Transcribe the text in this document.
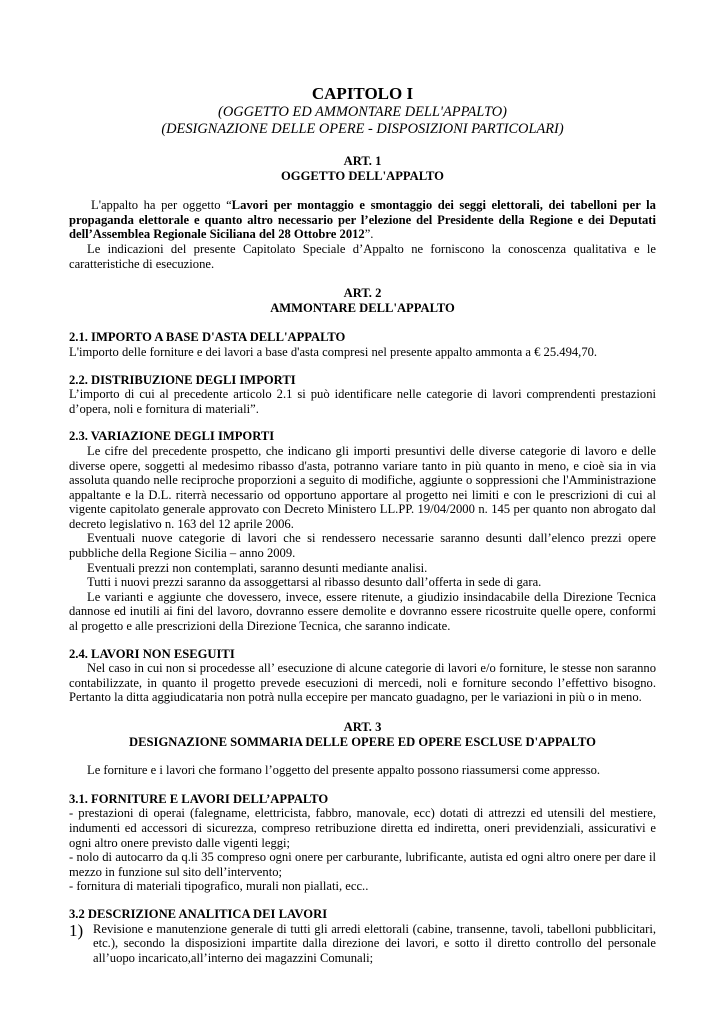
CAPITOLO I

(OGGETTO ED AMMONTARE DELL'APPALTO)

(DESIGNAZIONE DELLE OPERE - DISPOSIZIONI PARTICOLARI)

ART. 1

OGGETTO DELL'APPALTO

L'appalto ha per oggetto “Lavori per montaggio e smontaggio dei seggi elettorali, dei tabelloni per la propaganda elettorale e quanto altro necessario per l’elezione del Presidente della Regione e dei Deputati dell’Assemblea Regionale Siciliana del 28 Ottobre 2012”.

Le indicazioni del presente Capitolato Speciale d’Appalto ne forniscono la conoscenza qualitativa e le caratteristiche di esecuzione.

ART. 2

AMMONTARE DELL'APPALTO

2.1. IMPORTO A BASE D'ASTA DELL'APPALTO

L'importo delle forniture e dei lavori a base d'asta compresi nel presente appalto ammonta a € 25.494,70.

2.2. DISTRIBUZIONE DEGLI IMPORTI

L’importo di cui al precedente articolo 2.1 si può identificare nelle categorie di lavori comprendenti prestazioni d’opera, noli e fornitura di materiali”.

2.3. VARIAZIONE DEGLI IMPORTI

Le cifre del precedente prospetto, che indicano gli importi presuntivi delle diverse categorie di lavoro e delle diverse opere, soggetti al medesimo ribasso d'asta, potranno variare tanto in più quanto in meno, e cioè sia in via assoluta quando nelle reciproche proporzioni a seguito di modifiche, aggiunte o soppressioni che l'Amministrazione appaltante e la D.L. riterrà necessario od opportuno apportare al progetto nei limiti e con le prescrizioni di cui al vigente capitolato generale approvato con Decreto Ministero LL.PP. 19/04/2000 n. 145 per quanto non abrogato dal decreto legislativo n. 163 del 12 aprile 2006.

Eventuali nuove categorie di lavori che si rendessero necessarie saranno desunti dall’elenco prezzi opere pubbliche della Regione Sicilia – anno 2009.

Eventuali prezzi non contemplati, saranno desunti mediante analisi.

Tutti i nuovi prezzi saranno da assoggettarsi al ribasso desunto dall’offerta in sede di gara.

Le varianti e aggiunte che dovessero, invece, essere ritenute, a giudizio insindacabile della Direzione Tecnica dannose ed inutili ai fini del lavoro, dovranno essere demolite e dovranno essere ricostruite quelle opere, conformi al progetto e alle prescrizioni della Direzione Tecnica, che saranno indicate.

2.4. LAVORI NON ESEGUITI

Nel caso in cui non si procedesse all’ esecuzione di alcune categorie di lavori e/o forniture, le stesse non saranno contabilizzate, in quanto il progetto prevede esecuzioni di mercedi, noli e forniture secondo l’effettivo bisogno. Pertanto la ditta aggiudicataria non potrà nulla eccepire per mancato guadagno, per le variazioni in più o in meno.

ART. 3

DESIGNAZIONE SOMMARIA DELLE OPERE ED OPERE ESCLUSE D'APPALTO

Le forniture e i lavori che formano l’oggetto del presente appalto possono riassumersi come appresso.

3.1. FORNITURE E LAVORI DELL’APPALTO

- prestazioni di operai (falegname, elettricista, fabbro, manovale, ecc) dotati di attrezzi ed utensili del mestiere, indumenti ed accessori di sicurezza, compreso retribuzione diretta ed indiretta, oneri previdenziali, assicurativi e ogni altro onere previsto dalle vigenti leggi;

- nolo di autocarro da q.li 35 compreso ogni onere per carburante, lubrificante, autista ed ogni altro onere per dare il mezzo in funzione sul sito dell’intervento;

- fornitura di materiali tipografico, murali non piallati, ecc..

3.2 DESCRIZIONE ANALITICA DEI LAVORI

1) Revisione e manutenzione generale di tutti gli arredi elettorali (cabine, transenne, tavoli, tabelloni pubblicitari, etc.), secondo la disposizioni impartite dalla direzione dei lavori, e sotto il diretto controllo del personale all’uopo incaricato,all’interno dei magazzini Comunali;
